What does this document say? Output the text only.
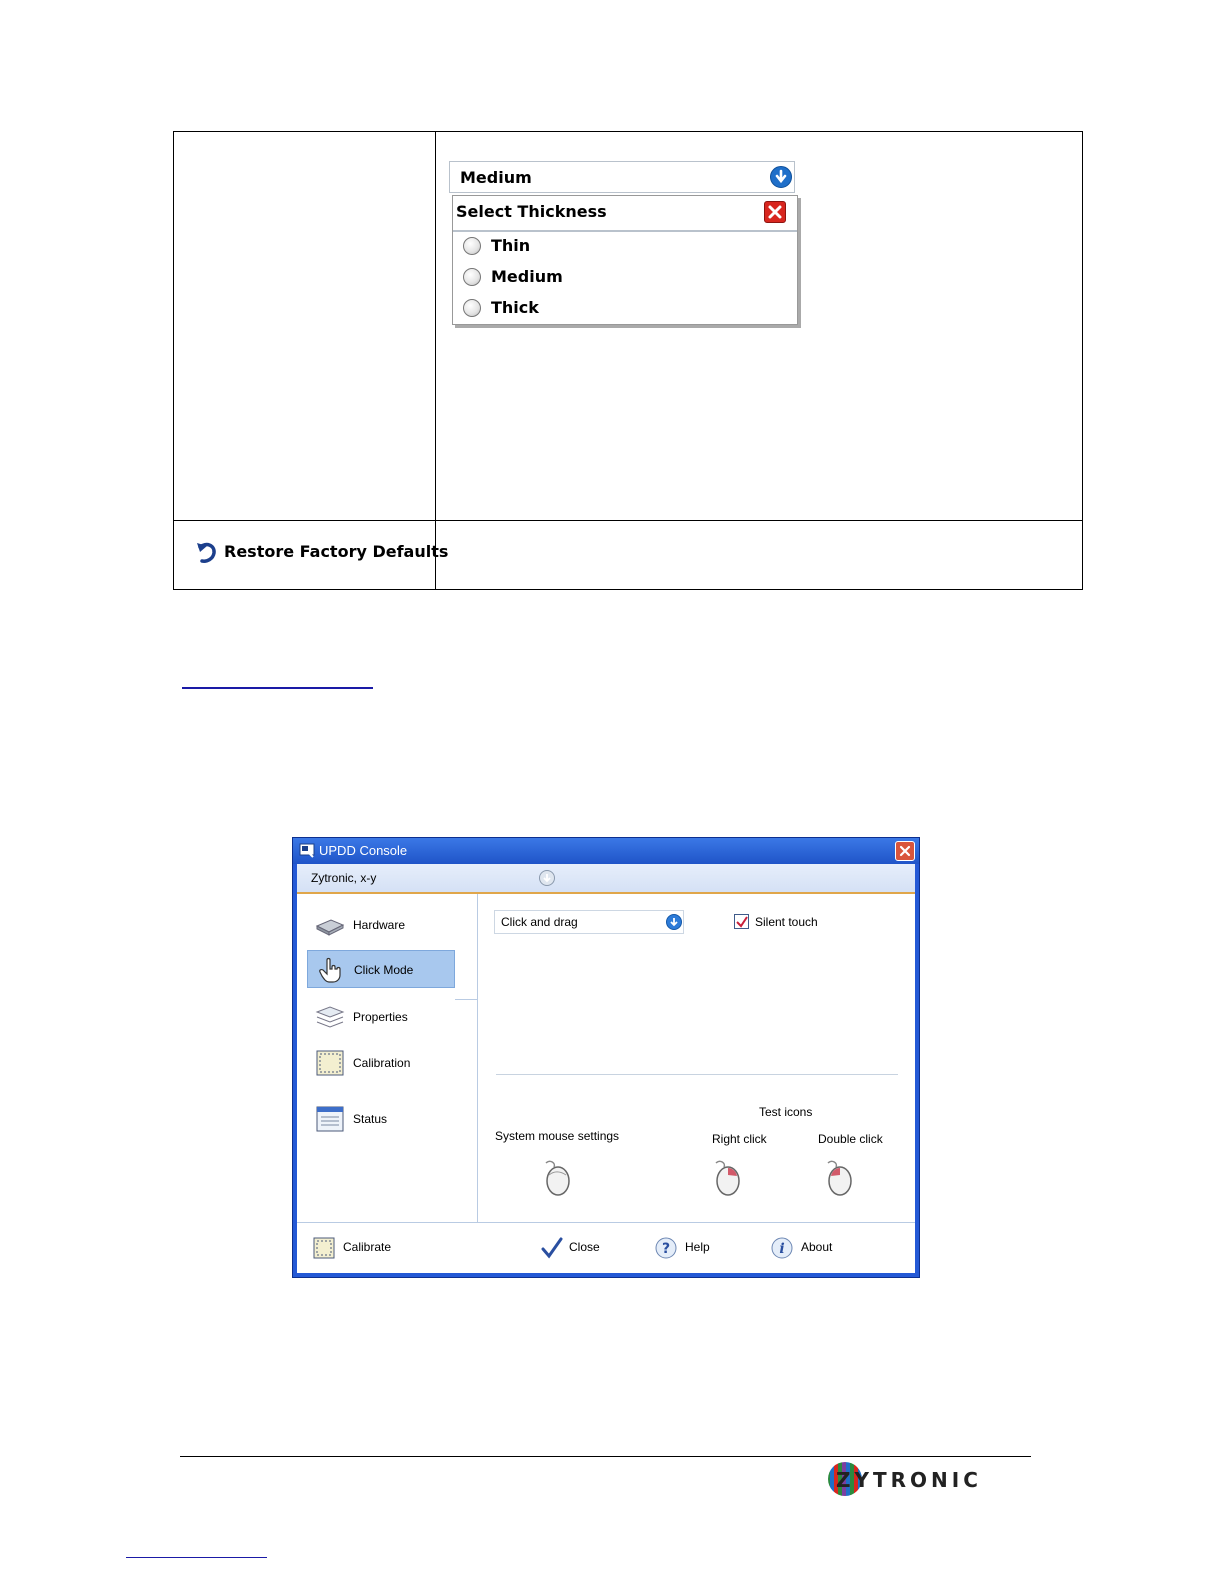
Medium
Select Thickness
Thin
Medium
Thick
Restore Factory Defaults
UPDD Console
Zytronic, x-y
Hardware
Click Mode
Properties
Calibration
Status
Click and drag	Silent touch
Test icons
System mouse settings	Right click	Double click
Calibrate	Close	? Help	i About
ZYTRONIC
